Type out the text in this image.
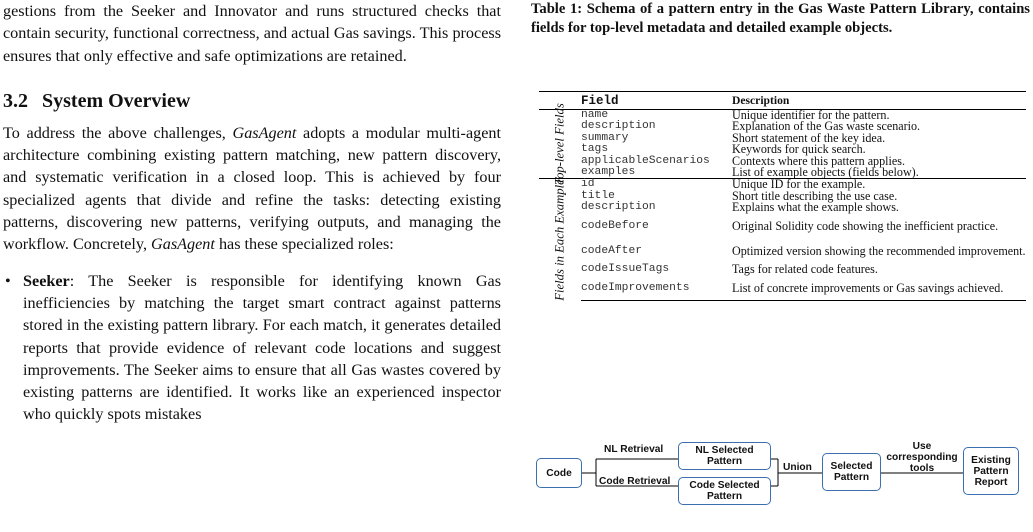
gestions from the Seeker and Innovator and runs structured checks that contain security, functional correctness, and actual Gas savings. This process ensures that only effective and safe optimizations are retained.

3.2 System Overview

To address the above challenges, GasAgent adopts a modular multi-agent architecture combining existing pattern matching, new pattern discovery, and systematic verification in a closed loop. This is achieved by four specialized agents that divide and refine the tasks: detecting existing patterns, discovering new patterns, verifying outputs, and managing the workflow. Concretely, GasAgent has these specialized roles:

• Seeker: The Seeker is responsible for identifying known Gas inefficiencies by matching the target smart contract against patterns stored in the existing pattern library. For each match, it generates detailed reports that provide evidence of relevant code locations and suggest improvements. The Seeker aims to ensure that all Gas wastes covered by existing patterns are identified. It works like an experienced inspector who quickly spots mistakes

Table 1: Schema of a pattern entry in the Gas Waste Pattern Library, contains fields for top-level metadata and detailed example objects.
	Field	Description

Top-level Fields	name	Unique identifier for the pattern.
	description	Explanation of the Gas waste scenario.
	summary	Short statement of the key idea.
	tags	Keywords for quick search.
	applicableScenarios	Contexts where this pattern applies.
	examples	List of example objects (fields below).

Fields in Each Example	id	Unique ID for the example.
	title	Short title describing the use case.
	description	Explains what the example shows.
	codeBefore	Original Solidity code showing the inefficient practice.
	codeAfter	Optimized version showing the recommended improvement.
	codeIssueTags	Tags for related code features.
	codeImprovements	List of concrete improvements or Gas savings achieved.
Code
NL Retrieval
Code Retrieval
NL Selected Pattern
Code Selected Pattern
Union	Selected Pattern
Use corresponding tools
Existing Pattern Report
